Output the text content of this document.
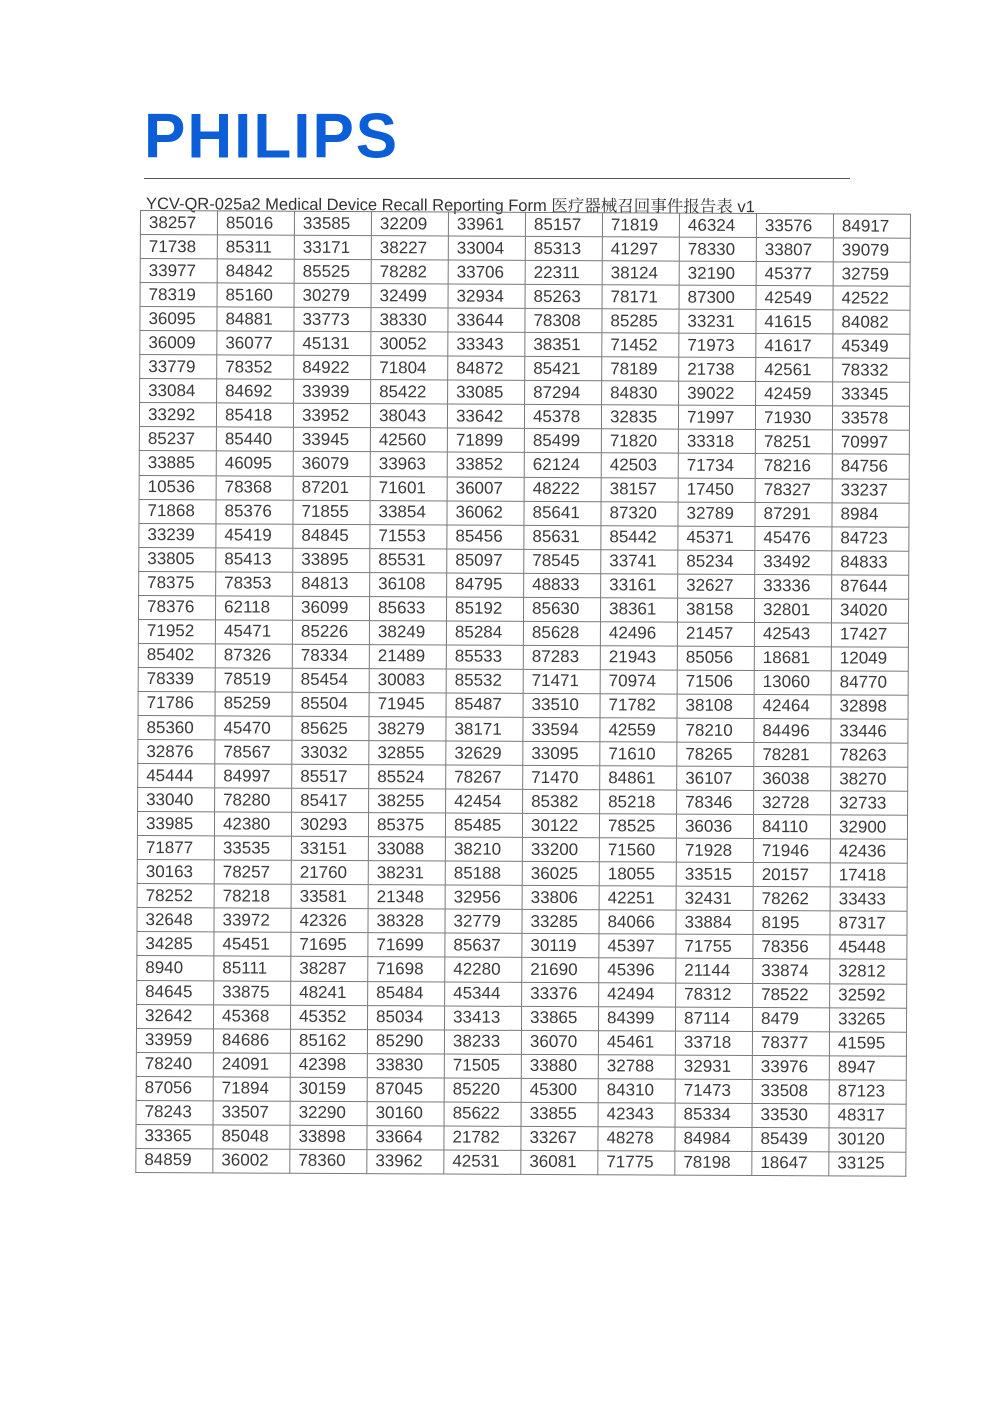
PHILIPS
YCV-QR-025a2 Medical Device Recall Reporting Form 医疗器械召回事件报告表 v1
38257	85016	33585	32209	33961	85157	71819	46324	33576	84917
71738	85311	33171	38227	33004	85313	41297	78330	33807	39079
33977	84842	85525	78282	33706	22311	38124	32190	45377	32759
78319	85160	30279	32499	32934	85263	78171	87300	42549	42522
36095	84881	33773	38330	33644	78308	85285	33231	41615	84082
36009	36077	45131	30052	33343	38351	71452	71973	41617	45349
33779	78352	84922	71804	84872	85421	78189	21738	42561	78332
33084	84692	33939	85422	33085	87294	84830	39022	42459	33345
33292	85418	33952	38043	33642	45378	32835	71997	71930	33578
85237	85440	33945	42560	71899	85499	71820	33318	78251	70997
33885	46095	36079	33963	33852	62124	42503	71734	78216	84756
10536	78368	87201	71601	36007	48222	38157	17450	78327	33237
71868	85376	71855	33854	36062	85641	87320	32789	87291	8984
33239	45419	84845	71553	85456	85631	85442	45371	45476	84723
33805	85413	33895	85531	85097	78545	33741	85234	33492	84833
78375	78353	84813	36108	84795	48833	33161	32627	33336	87644
78376	62118	36099	85633	85192	85630	38361	38158	32801	34020
71952	45471	85226	38249	85284	85628	42496	21457	42543	17427
85402	87326	78334	21489	85533	87283	21943	85056	18681	12049
78339	78519	85454	30083	85532	71471	70974	71506	13060	84770
71786	85259	85504	71945	85487	33510	71782	38108	42464	32898
85360	45470	85625	38279	38171	33594	42559	78210	84496	33446
32876	78567	33032	32855	32629	33095	71610	78265	78281	78263
45444	84997	85517	85524	78267	71470	84861	36107	36038	38270
33040	78280	85417	38255	42454	85382	85218	78346	32728	32733
33985	42380	30293	85375	85485	30122	78525	36036	84110	32900
71877	33535	33151	33088	38210	33200	71560	71928	71946	42436
30163	78257	21760	38231	85188	36025	18055	33515	20157	17418
78252	78218	33581	21348	32956	33806	42251	32431	78262	33433
32648	33972	42326	38328	32779	33285	84066	33884	8195	87317
34285	45451	71695	71699	85637	30119	45397	71755	78356	45448
8940	85111	38287	71698	42280	21690	45396	21144	33874	32812
84645	33875	48241	85484	45344	33376	42494	78312	78522	32592
32642	45368	45352	85034	33413	33865	84399	87114	8479	33265
33959	84686	85162	85290	38233	36070	45461	33718	78377	41595
78240	24091	42398	33830	71505	33880	32788	32931	33976	8947
87056	71894	30159	87045	85220	45300	84310	71473	33508	87123
78243	33507	32290	30160	85622	33855	42343	85334	33530	48317
33365	85048	33898	33664	21782	33267	48278	84984	85439	30120
84859	36002	78360	33962	42531	36081	71775	78198	18647	33125
